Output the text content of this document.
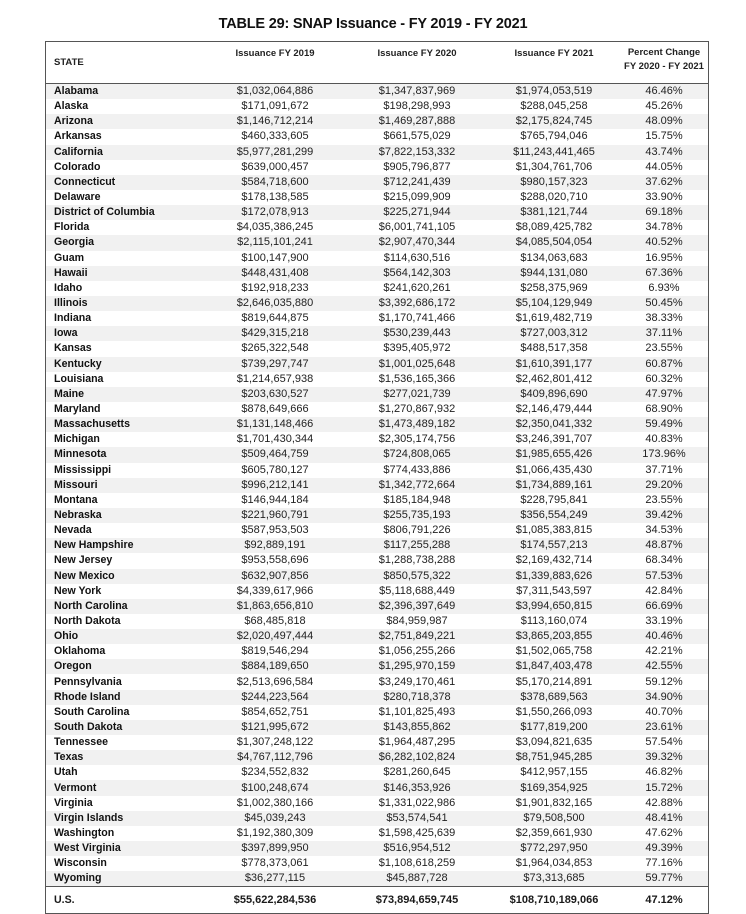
TABLE 29: SNAP Issuance - FY 2019 - FY 2021
STATE	Issuance FY 2019	Issuance FY 2020	Issuance FY 2021	Percent Change
FY 2020 - FY 2021

Alabama	$1,032,064,886	$1,347,837,969	$1,974,053,519	46.46%
Alaska	$171,091,672	$198,298,993	$288,045,258	45.26%
Arizona	$1,146,712,214	$1,469,287,888	$2,175,824,745	48.09%
Arkansas	$460,333,605	$661,575,029	$765,794,046	15.75%
California	$5,977,281,299	$7,822,153,332	$11,243,441,465	43.74%
Colorado	$639,000,457	$905,796,877	$1,304,761,706	44.05%
Connecticut	$584,718,600	$712,241,439	$980,157,323	37.62%
Delaware	$178,138,585	$215,099,909	$288,020,710	33.90%
District of Columbia	$172,078,913	$225,271,944	$381,121,744	69.18%
Florida	$4,035,386,245	$6,001,741,105	$8,089,425,782	34.78%
Georgia	$2,115,101,241	$2,907,470,344	$4,085,504,054	40.52%
Guam	$100,147,900	$114,630,516	$134,063,683	16.95%
Hawaii	$448,431,408	$564,142,303	$944,131,080	67.36%
Idaho	$192,918,233	$241,620,261	$258,375,969	6.93%
Illinois	$2,646,035,880	$3,392,686,172	$5,104,129,949	50.45%
Indiana	$819,644,875	$1,170,741,466	$1,619,482,719	38.33%
Iowa	$429,315,218	$530,239,443	$727,003,312	37.11%
Kansas	$265,322,548	$395,405,972	$488,517,358	23.55%
Kentucky	$739,297,747	$1,001,025,648	$1,610,391,177	60.87%
Louisiana	$1,214,657,938	$1,536,165,366	$2,462,801,412	60.32%
Maine	$203,630,527	$277,021,739	$409,896,690	47.97%
Maryland	$878,649,666	$1,270,867,932	$2,146,479,444	68.90%
Massachusetts	$1,131,148,466	$1,473,489,182	$2,350,041,332	59.49%
Michigan	$1,701,430,344	$2,305,174,756	$3,246,391,707	40.83%
Minnesota	$509,464,759	$724,808,065	$1,985,655,426	173.96%
Mississippi	$605,780,127	$774,433,886	$1,066,435,430	37.71%
Missouri	$996,212,141	$1,342,772,664	$1,734,889,161	29.20%
Montana	$146,944,184	$185,184,948	$228,795,841	23.55%
Nebraska	$221,960,791	$255,735,193	$356,554,249	39.42%
Nevada	$587,953,503	$806,791,226	$1,085,383,815	34.53%
New Hampshire	$92,889,191	$117,255,288	$174,557,213	48.87%
New Jersey	$953,558,696	$1,288,738,288	$2,169,432,714	68.34%
New Mexico	$632,907,856	$850,575,322	$1,339,883,626	57.53%
New York	$4,339,617,966	$5,118,688,449	$7,311,543,597	42.84%
North Carolina	$1,863,656,810	$2,396,397,649	$3,994,650,815	66.69%
North Dakota	$68,485,818	$84,959,987	$113,160,074	33.19%
Ohio	$2,020,497,444	$2,751,849,221	$3,865,203,855	40.46%
Oklahoma	$819,546,294	$1,056,255,266	$1,502,065,758	42.21%
Oregon	$884,189,650	$1,295,970,159	$1,847,403,478	42.55%
Pennsylvania	$2,513,696,584	$3,249,170,461	$5,170,214,891	59.12%
Rhode Island	$244,223,564	$280,718,378	$378,689,563	34.90%
South Carolina	$854,652,751	$1,101,825,493	$1,550,266,093	40.70%
South Dakota	$121,995,672	$143,855,862	$177,819,200	23.61%
Tennessee	$1,307,248,122	$1,964,487,295	$3,094,821,635	57.54%
Texas	$4,767,112,796	$6,282,102,824	$8,751,945,285	39.32%
Utah	$234,552,832	$281,260,645	$412,957,155	46.82%
Vermont	$100,248,674	$146,353,926	$169,354,925	15.72%
Virginia	$1,002,380,166	$1,331,022,986	$1,901,832,165	42.88%
Virgin Islands	$45,039,243	$53,574,541	$79,508,500	48.41%
Washington	$1,192,380,309	$1,598,425,639	$2,359,661,930	47.62%
West Virginia	$397,899,950	$516,954,512	$772,297,950	49.39%
Wisconsin	$778,373,061	$1,108,618,259	$1,964,034,853	77.16%
Wyoming	$36,277,115	$45,887,728	$73,313,685	59.77%
U.S.	$55,622,284,536	$73,894,659,745	$108,710,189,066	47.12%
